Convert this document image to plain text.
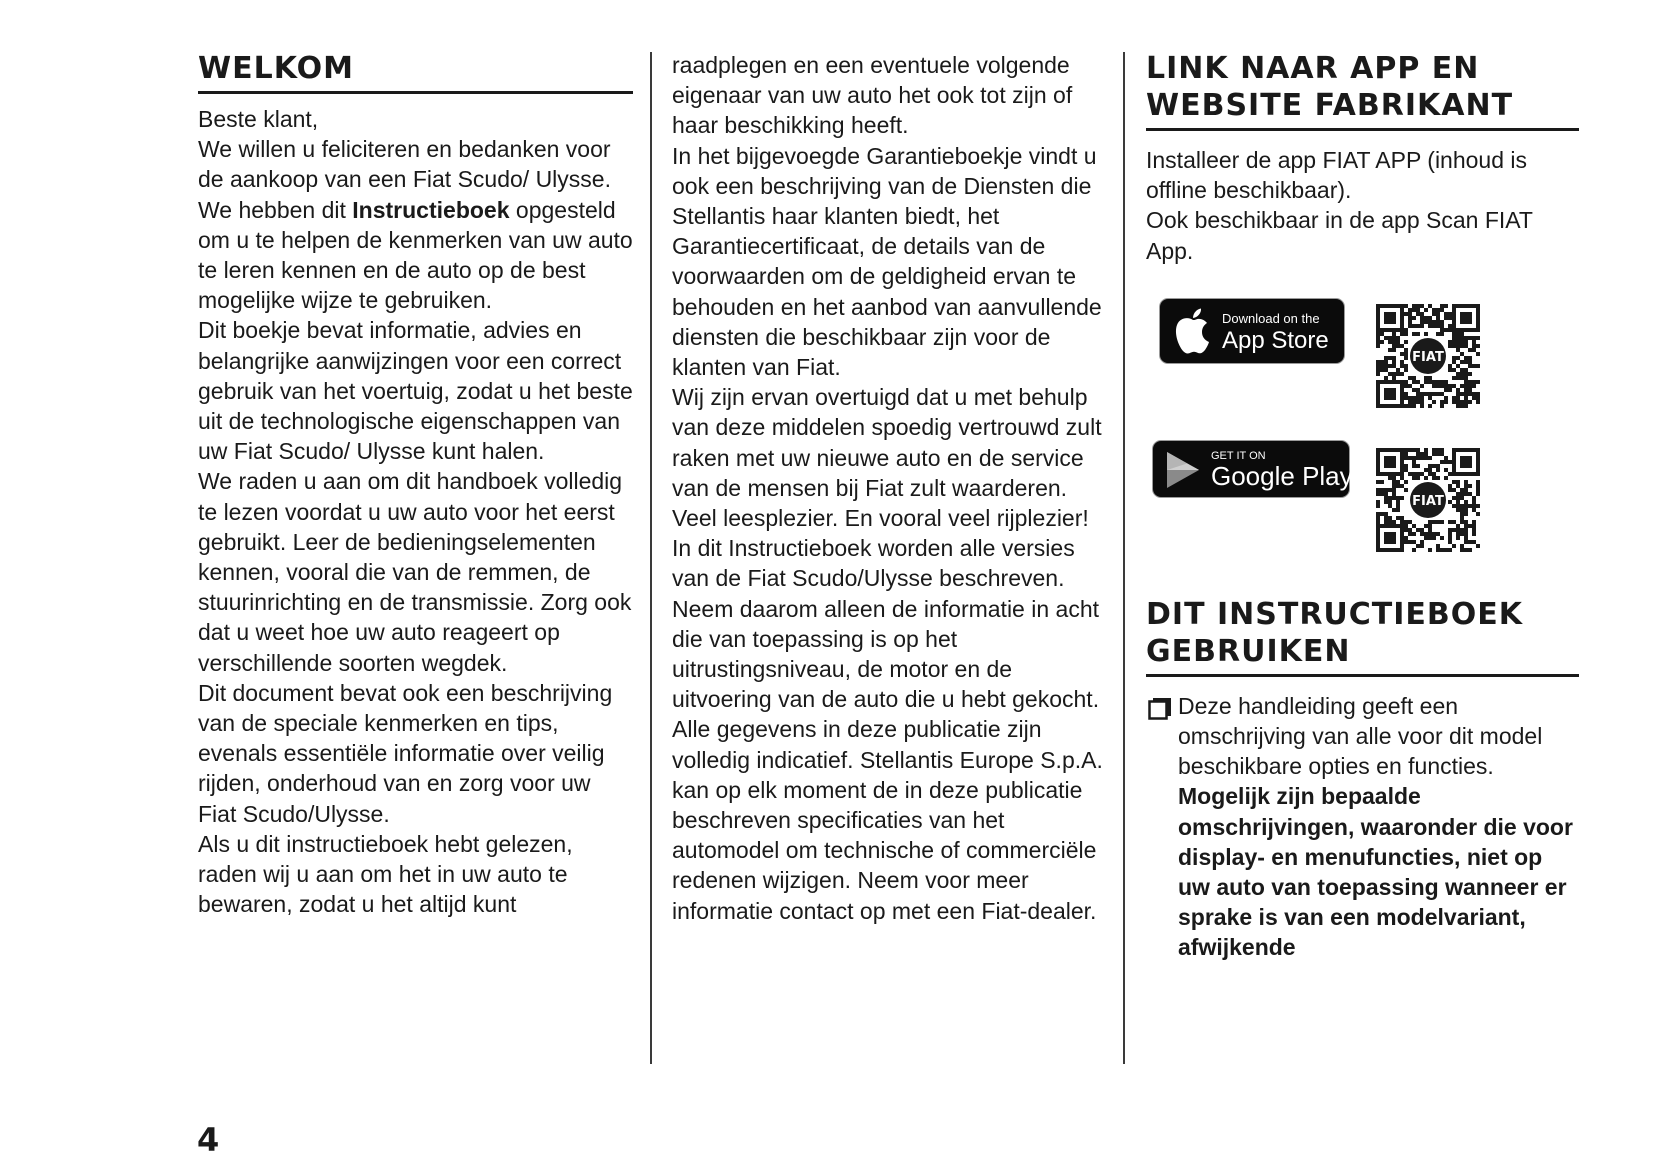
WELKOM

Beste klant,

We willen u feliciteren en bedanken voor de aankoop van een Fiat Scudo/ Ulysse.

We hebben dit Instructieboek opgesteld om u te helpen de kenmerken van uw auto te leren kennen en de auto op de best mogelijke wijze te gebruiken.

Dit boekje bevat informatie, advies en belangrijke aanwijzingen voor een correct gebruik van het voertuig, zodat u het beste uit de technologische eigenschappen van uw Fiat Scudo/ Ulysse kunt halen.

We raden u aan om dit handboek volledig te lezen voordat u uw auto voor het eerst gebruikt. Leer de bedieningselementen kennen, vooral die van de remmen, de stuurinrichting en de transmissie. Zorg ook dat u weet hoe uw auto reageert op verschillende soorten wegdek.

Dit document bevat ook een beschrijving van de speciale kenmerken en tips, evenals essentiële informatie over veilig rijden, onderhoud van en zorg voor uw Fiat Scudo/Ulysse.

Als u dit instructieboek hebt gelezen, raden wij u aan om het in uw auto te bewaren, zodat u het altijd kunt

raadplegen en een eventuele volgende eigenaar van uw auto het ook tot zijn of haar beschikking heeft.

In het bijgevoegde Garantieboekje vindt u ook een beschrijving van de Diensten die Stellantis haar klanten biedt, het Garantiecertificaat, de details van de voorwaarden om de geldigheid ervan te behouden en het aanbod van aanvullende diensten die beschikbaar zijn voor de klanten van Fiat.

Wij zijn ervan overtuigd dat u met behulp van deze middelen spoedig vertrouwd zult raken met uw nieuwe auto en de service van de mensen bij Fiat zult waarderen.

Veel leesplezier. En vooral veel rijplezier!

In dit Instructieboek worden alle versies van de Fiat Scudo/Ulysse beschreven. Neem daarom alleen de informatie in acht die van toepassing is op het uitrustingsniveau, de motor en de uitvoering van de auto die u hebt gekocht. Alle gegevens in deze publicatie zijn volledig indicatief. Stellantis Europe S.p.A. kan op elk moment de in deze publicatie beschreven specificaties van het automodel om technische of commerciële redenen wijzigen. Neem voor meer informatie contact op met een Fiat-dealer.

LINK NAAR APP EN WEBSITE FABRIKANT

Installeer de app FIAT APP (inhoud is offline beschikbaar).

Ook beschikbaar in de app Scan FIAT App.

Download on the
App Store
FIAT
GET IT ON
Google Play
FIAT
DIT INSTRUCTIEBOEK GEBRUIKEN

Deze handleiding geeft een omschrijving van alle voor dit model beschikbare opties en functies. Mogelijk zijn bepaalde omschrijvingen, waaronder die voor display- en menufuncties, niet op uw auto van toepassing wanneer er sprake is van een modelvariant, afwijkende

4
